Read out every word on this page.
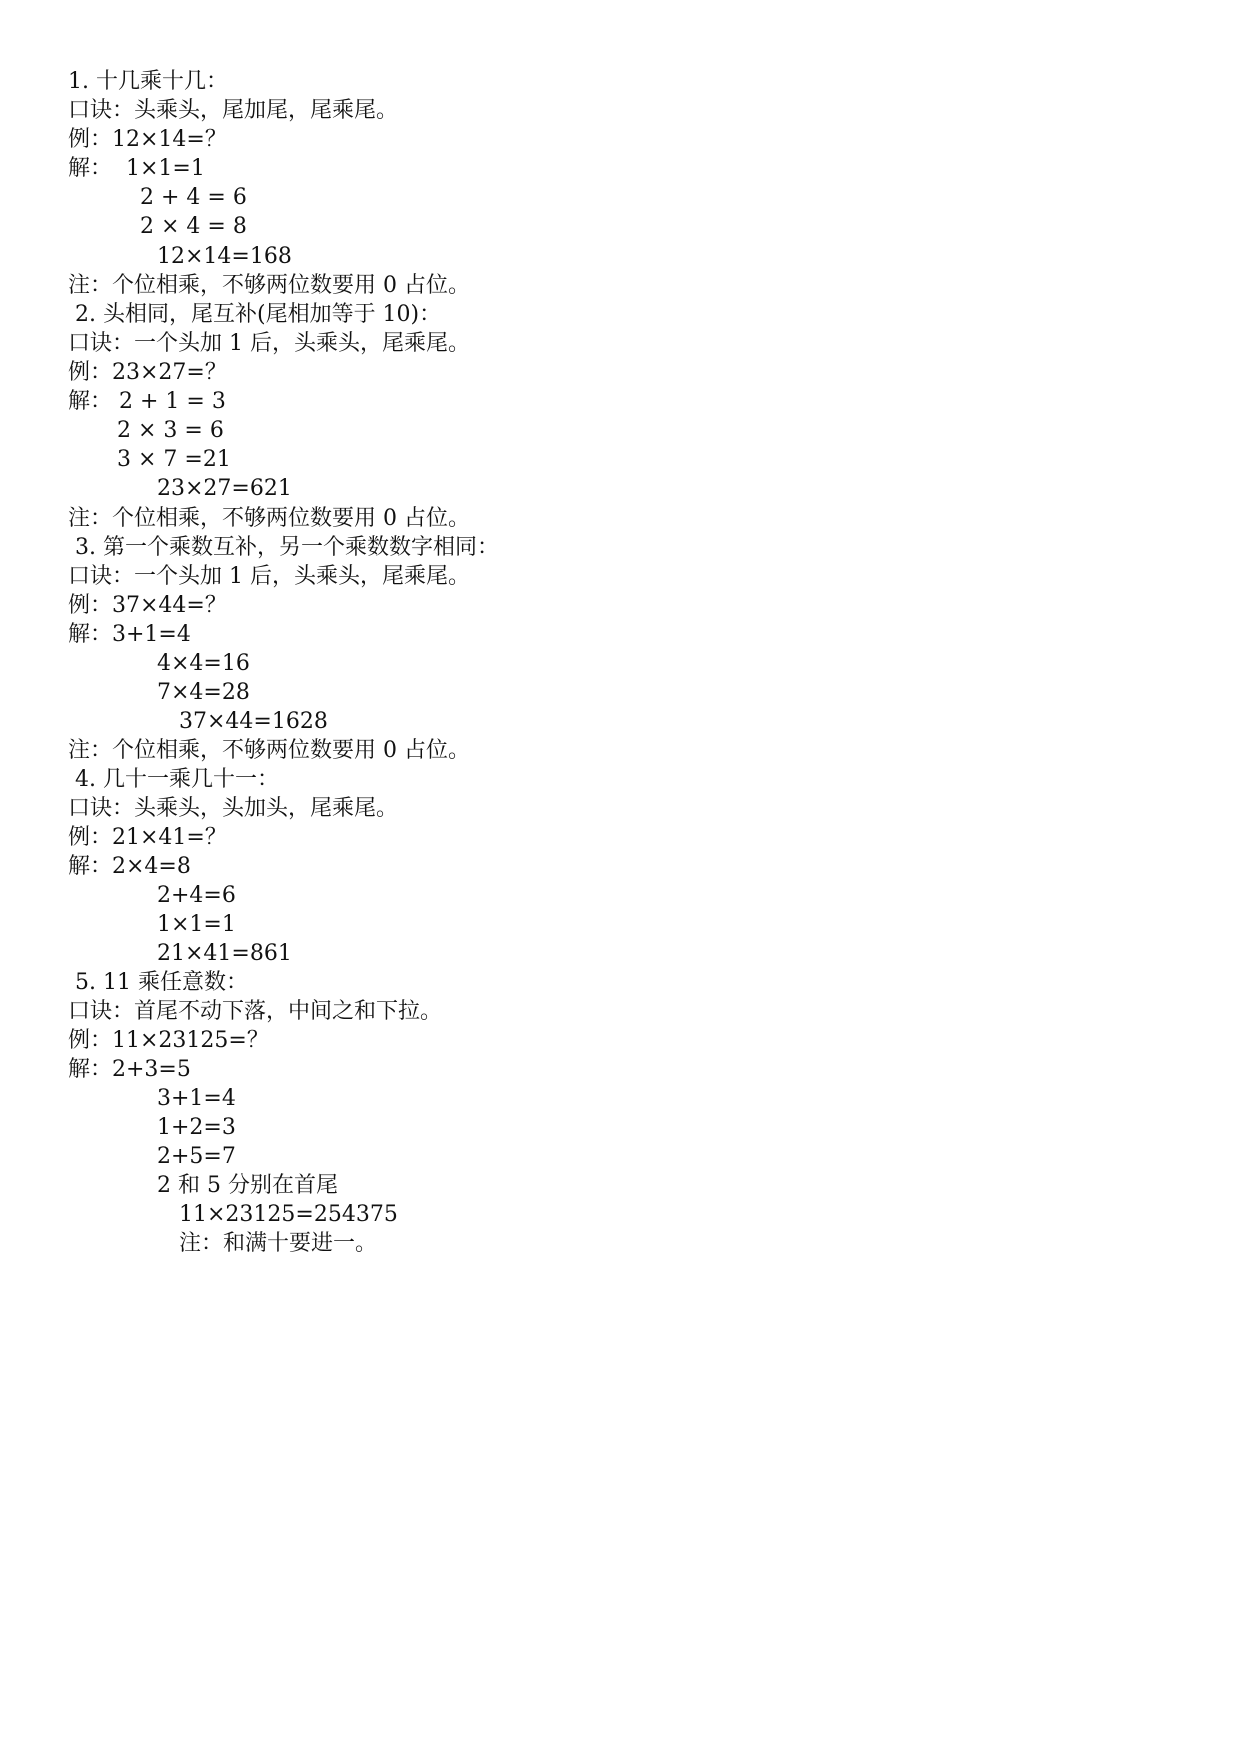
1. 十几乘十几：
口诀：头乘头，尾加尾，尾乘尾。
例：12×14=？
解：  1×1=1
2 + 4 = 6
2 × 4 = 8
12×14=168
注：个位相乘，不够两位数要用 0 占位。
2. 头相同，尾互补(尾相加等于 10)：
口诀：一个头加 1 后，头乘头，尾乘尾。
例：23×27=？
解： 2 + 1 = 3
2 × 3 = 6
3 × 7 =21
23×27=621
注：个位相乘，不够两位数要用 0 占位。
3. 第一个乘数互补，另一个乘数数字相同：
口诀：一个头加 1 后，头乘头，尾乘尾。
例：37×44=？
解：3+1=4
4×4=16
7×4=28
37×44=1628
注：个位相乘，不够两位数要用 0 占位。
4. 几十一乘几十一：
口诀：头乘头，头加头，尾乘尾。
例：21×41=？
解：2×4=8
2+4=6
1×1=1
21×41=861
5. 11 乘任意数：
口诀：首尾不动下落，中间之和下拉。
例：11×23125=？
解：2+3=5
3+1=4
1+2=3
2+5=7
2 和 5 分别在首尾
11×23125=254375
注：和满十要进一。
